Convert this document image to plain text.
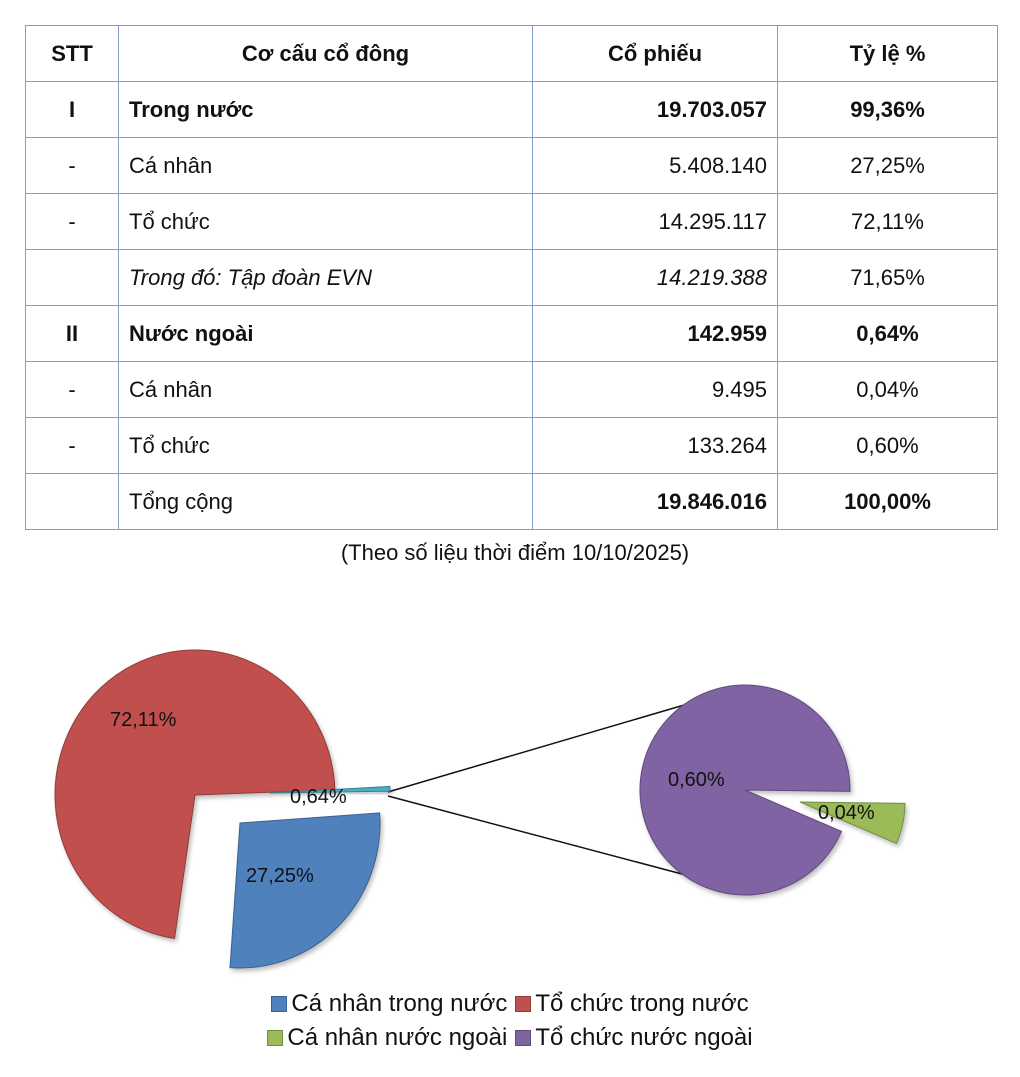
STT	Cơ cấu cổ đông	Cổ phiếu	Tỷ lệ %
I	Trong nước	19.703.057	99,36%
-	Cá nhân	5.408.140	27,25%
-	Tổ chức	14.295.117	72,11%
	Trong đó: Tập đoàn EVN	14.219.388	71,65%
II	Nước ngoài	142.959	0,64%
-	Cá nhân	9.495	0,04%
-	Tổ chức	133.264	0,60%
	Tổng cộng	19.846.016	100,00%
(Theo số liệu thời điểm 10/10/2025)
72,11%
0,64%
27,25%
0,60%
0,04%
Cá nhân trong nước Tổ chức trong nước
Cá nhân nước ngoài Tổ chức nước ngoài
